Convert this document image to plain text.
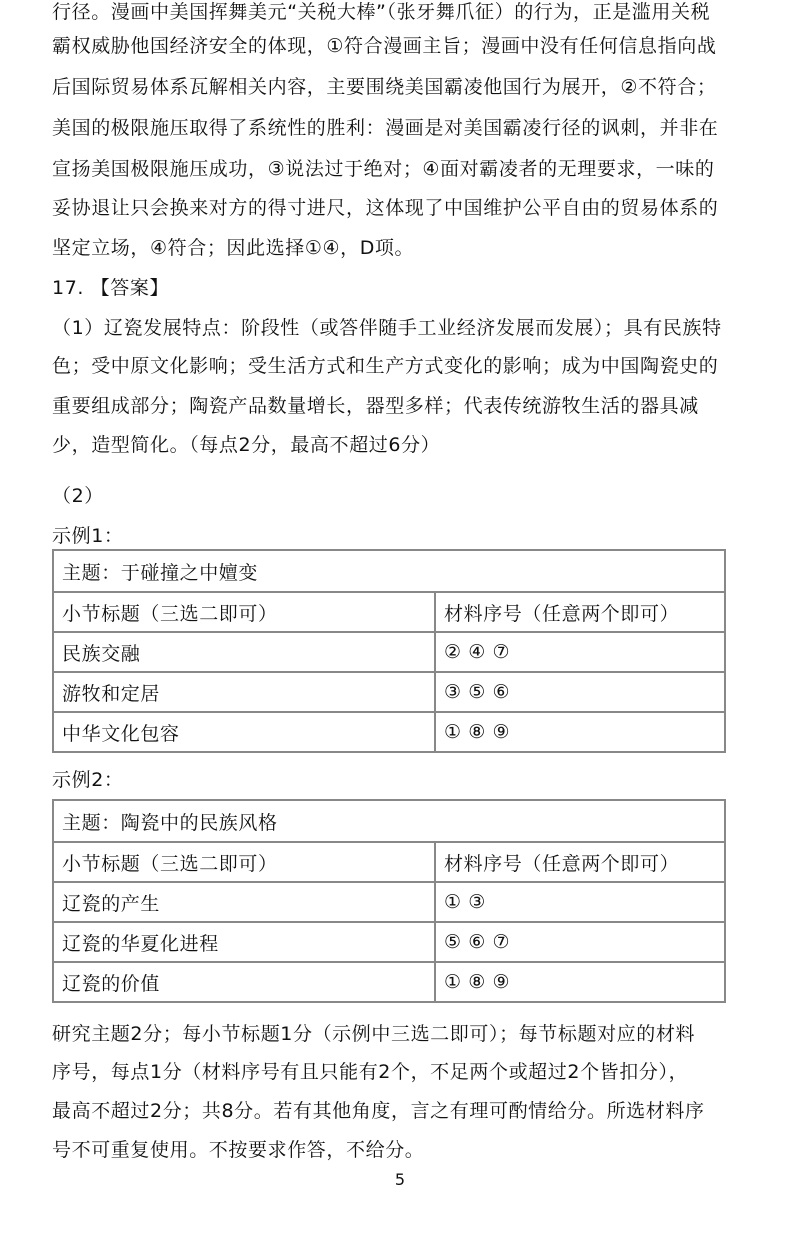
行径。漫画中美国挥舞美元“关税大棒”（张牙舞爪征）的行为，正是滥用关税
霸权威胁他国经济安全的体现，①符合漫画主旨；漫画中没有任何信息指向战
后国际贸易体系瓦解相关内容，主要围绕美国霸凌他国行为展开，②不符合；
美国的极限施压取得了系统性的胜利：漫画是对美国霸凌行径的讽刺，并非在
宣扬美国极限施压成功，③说法过于绝对；④面对霸凌者的无理要求，一味的
妥协退让只会换来对方的得寸进尺，这体现了中国维护公平自由的贸易体系的
坚定立场，④符合；因此选择①④，D项。
17. 【答案】
（1）辽瓷发展特点：阶段性（或答伴随手工业经济发展而发展）；具有民族特
色；受中原文化影响；受生活方式和生产方式变化的影响；成为中国陶瓷史的
重要组成部分；陶瓷产品数量增长，器型多样；代表传统游牧生活的器具减
少，造型简化。（每点2分，最高不超过6分）
（2）
示例1：
主题：于碰撞之中嬗变	
小节标题（三选二即可）	材料序号（任意两个即可）
民族交融	② ④ ⑦
游牧和定居	③ ⑤ ⑥
中华文化包容	① ⑧ ⑨
示例2：
主题：陶瓷中的民族风格	
小节标题（三选二即可）	材料序号（任意两个即可）
辽瓷的产生	① ③
辽瓷的华夏化进程	⑤ ⑥ ⑦
辽瓷的价值	① ⑧ ⑨
研究主题2分；每小节标题1分（示例中三选二即可）；每节标题对应的材料
序号，每点1分（材料序号有且只能有2个，不足两个或超过2个皆扣分），
最高不超过2分；共8分。若有其他角度，言之有理可酌情给分。所选材料序
号不可重复使用。不按要求作答，不给分。
5
